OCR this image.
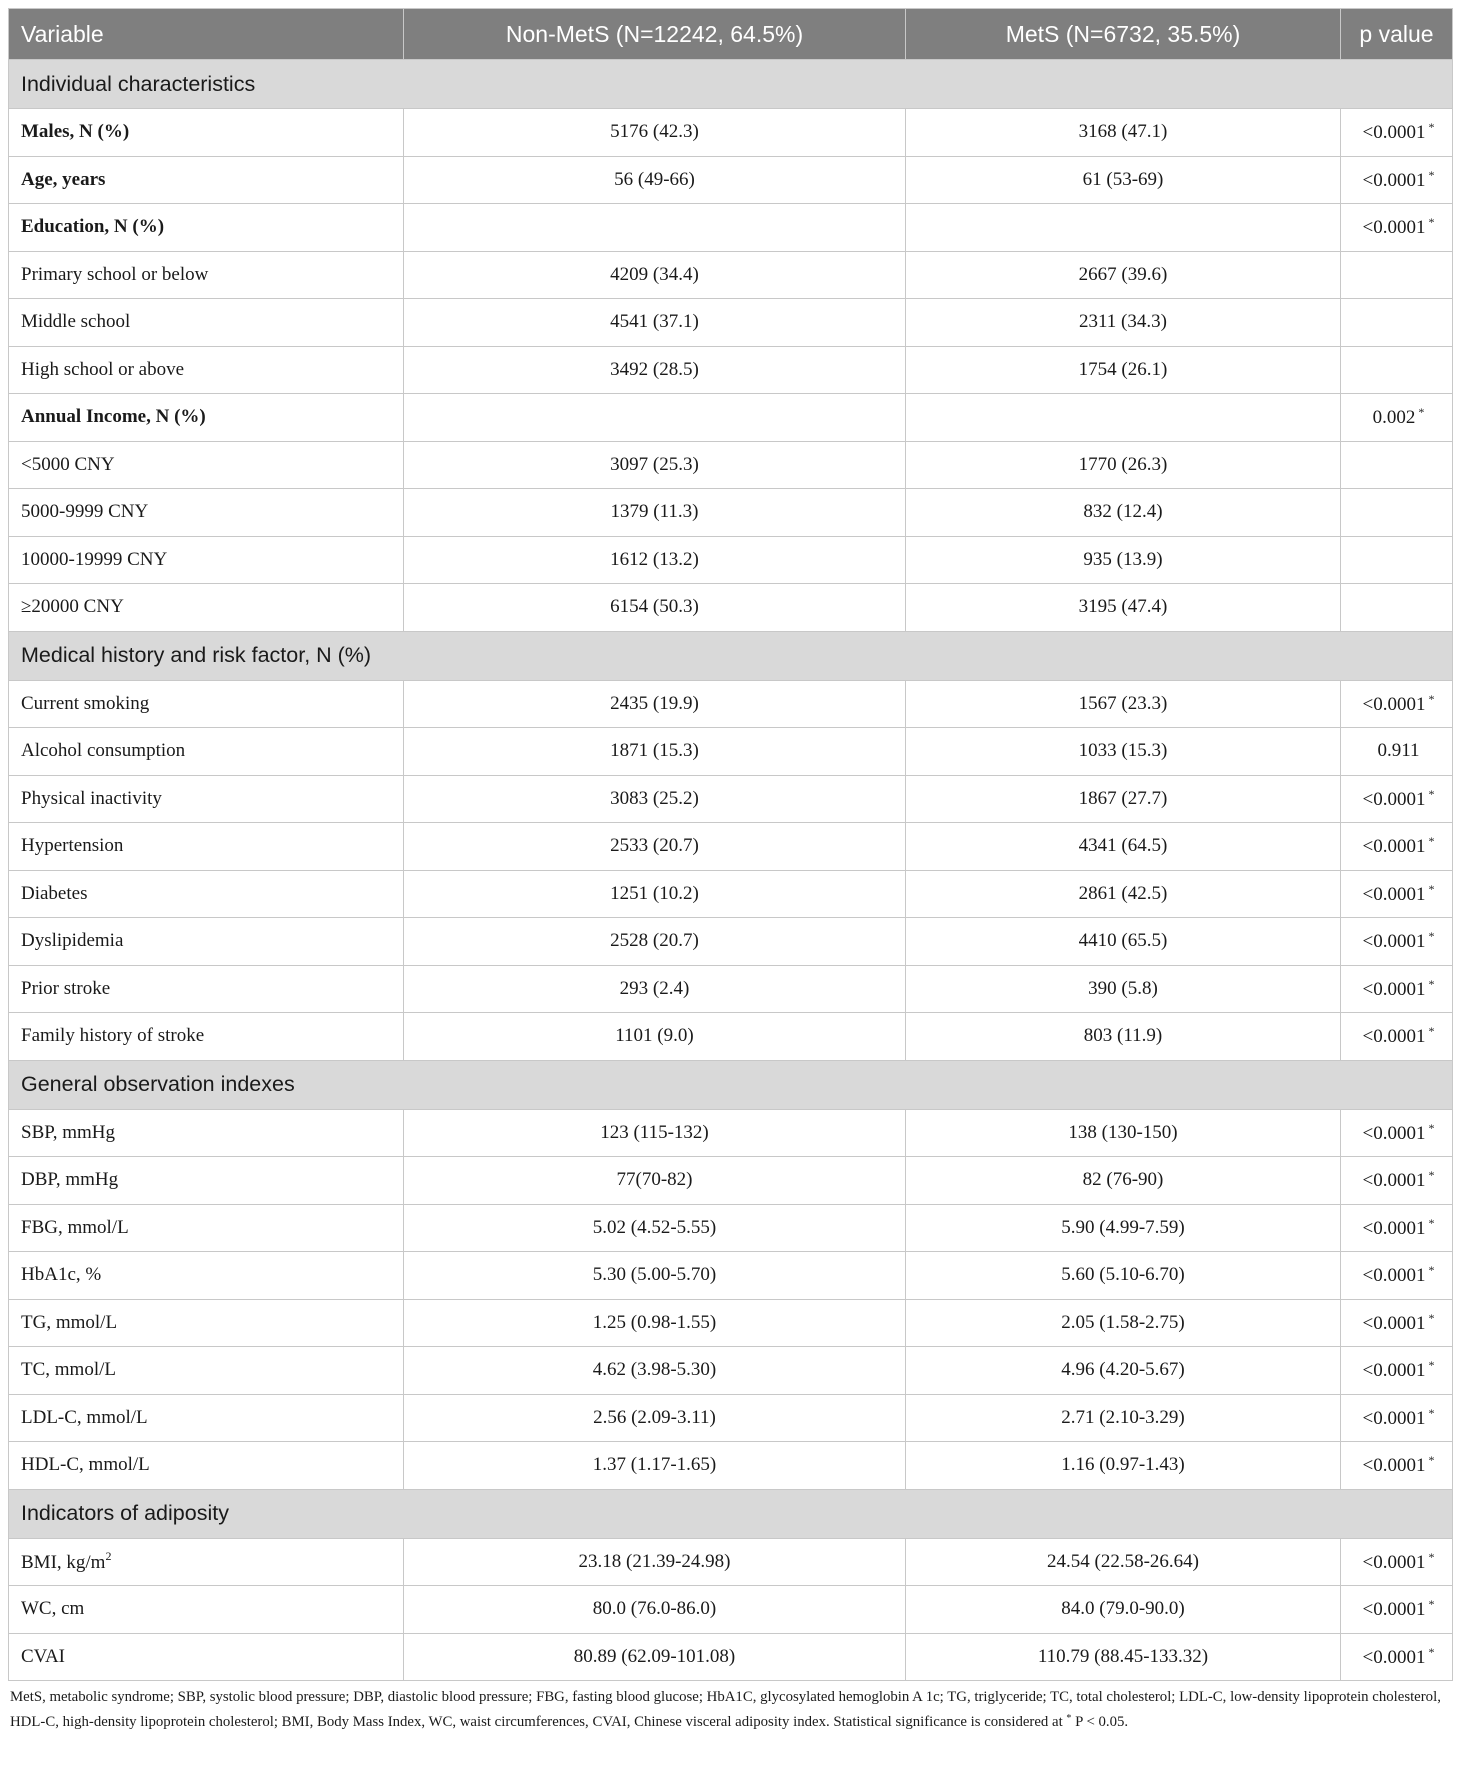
Variable	Non-MetS (N=12242, 64.5%)	MetS (N=6732, 35.5%)	p value
Individual characteristics			
Males, N (%)	5176 (42.3)	3168 (47.1)	<0.0001 *
Age, years	56 (49-66)	61 (53-69)	<0.0001 *
Education, N (%)			<0.0001 *
Primary school or below	4209 (34.4)	2667 (39.6)	
Middle school	4541 (37.1)	2311 (34.3)	
High school or above	3492 (28.5)	1754 (26.1)	
Annual Income, N (%)			0.002 *
<5000 CNY	3097 (25.3)	1770 (26.3)	
5000-9999 CNY	1379 (11.3)	832 (12.4)	
10000-19999 CNY	1612 (13.2)	935 (13.9)	
≥20000 CNY	6154 (50.3)	3195 (47.4)	
Medical history and risk factor, N (%)			
Current smoking	2435 (19.9)	1567 (23.3)	<0.0001 *
Alcohol consumption	1871 (15.3)	1033 (15.3)	0.911
Physical inactivity	3083 (25.2)	1867 (27.7)	<0.0001 *
Hypertension	2533 (20.7)	4341 (64.5)	<0.0001 *
Diabetes	1251 (10.2)	2861 (42.5)	<0.0001 *
Dyslipidemia	2528 (20.7)	4410 (65.5)	<0.0001 *
Prior stroke	293 (2.4)	390 (5.8)	<0.0001 *
Family history of stroke	1101 (9.0)	803 (11.9)	<0.0001 *
General observation indexes			
SBP, mmHg	123 (115-132)	138 (130-150)	<0.0001 *
DBP, mmHg	77(70-82)	82 (76-90)	<0.0001 *
FBG, mmol/L	5.02 (4.52-5.55)	5.90 (4.99-7.59)	<0.0001 *
HbA1c, %	5.30 (5.00-5.70)	5.60 (5.10-6.70)	<0.0001 *
TG, mmol/L	1.25 (0.98-1.55)	2.05 (1.58-2.75)	<0.0001 *
TC, mmol/L	4.62 (3.98-5.30)	4.96 (4.20-5.67)	<0.0001 *
LDL-C, mmol/L	2.56 (2.09-3.11)	2.71 (2.10-3.29)	<0.0001 *
HDL-C, mmol/L	1.37 (1.17-1.65)	1.16 (0.97-1.43)	<0.0001 *
Indicators of adiposity			
BMI, $kg/m^2$	23.18 (21.39-24.98)	24.54 (22.58-26.64)	<0.0001 *
WC, cm	80.0 (76.0-86.0)	84.0 (79.0-90.0)	<0.0001 *
CVAI	80.89 (62.09-101.08)	110.79 (88.45-133.32)	<0.0001 *
MetS, metabolic syndrome; SBP, systolic blood pressure; DBP, diastolic blood pressure; FBG, fasting blood glucose; HbA1C, glycosylated hemoglobin A 1c; TG, triglyceride; TC, total cholesterol; LDL-C, low-density lipoprotein cholesterol, HDL-C, high-density lipoprotein cholesterol; BMI, Body Mass Index, WC, waist circumferences, CVAI, Chinese visceral adiposity index. Statistical significance is considered at * P < 0.05.
